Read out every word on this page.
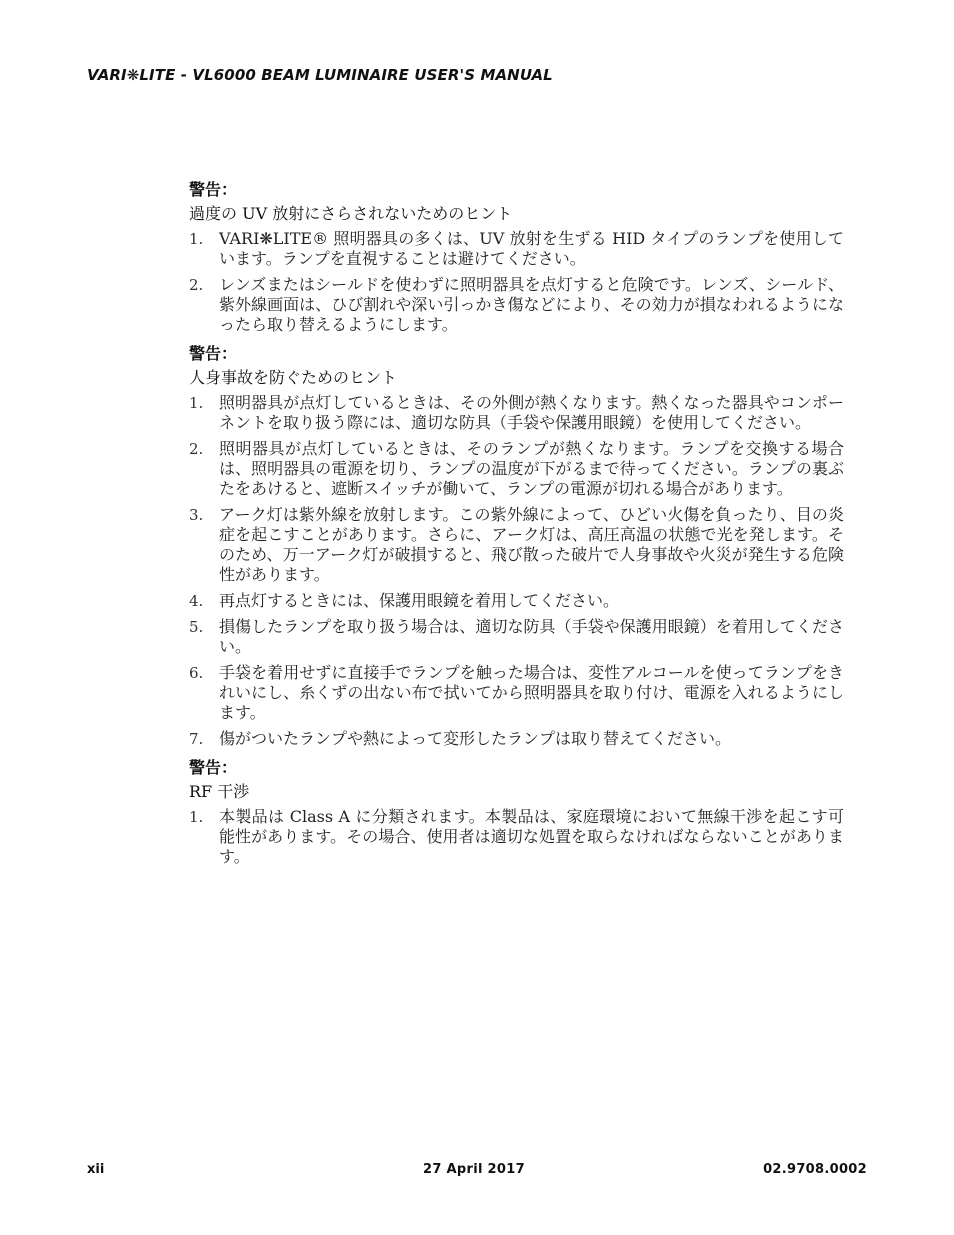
VARI❋LITE - VL6000 BEAM LUMINAIRE USER'S MANUAL
警告：
過度の UV 放射にさらされないためのヒント
1. VARI❋LITE® 照明器具の多くは、UV 放射を生ずる HID タイプのランプを使用しています。ランプを直視することは避けてください。
2. レンズまたはシールドを使わずに照明器具を点灯すると危険です。レンズ、シールド、紫外線画面は、ひび割れや深い引っかき傷などにより、その効力が損なわれるようになったら取り替えるようにします。
警告：
人身事故を防ぐためのヒント
1. 照明器具が点灯しているときは、その外側が熱くなります。熱くなった器具やコンポーネントを取り扱う際には、適切な防具（手袋や保護用眼鏡）を使用してください。
2. 照明器具が点灯しているときは、そのランプが熱くなります。ランプを交換する場合は、照明器具の電源を切り、ランプの温度が下がるまで待ってください。ランプの裏ぶたをあけると、遮断スイッチが働いて、ランプの電源が切れる場合があります。
3. アーク灯は紫外線を放射します。この紫外線によって、ひどい火傷を負ったり、目の炎症を起こすことがあります。さらに、アーク灯は、高圧高温の状態で光を発します。そのため、万一アーク灯が破損すると、飛び散った破片で人身事故や火災が発生する危険性があります。
4. 再点灯するときには、保護用眼鏡を着用してください。
5. 損傷したランプを取り扱う場合は、適切な防具（手袋や保護用眼鏡）を着用してください。
6. 手袋を着用せずに直接手でランプを触った場合は、変性アルコールを使ってランプをきれいにし、糸くずの出ない布で拭いてから照明器具を取り付け、電源を入れるようにします。
7. 傷がついたランプや熱によって変形したランプは取り替えてください。
警告：
RF 干渉
1. 本製品は Class A に分類されます。本製品は、家庭環境において無線干渉を起こす可能性があります。その場合、使用者は適切な処置を取らなければならないことがあります。
xii	27 April 2017	02.9708.0002
